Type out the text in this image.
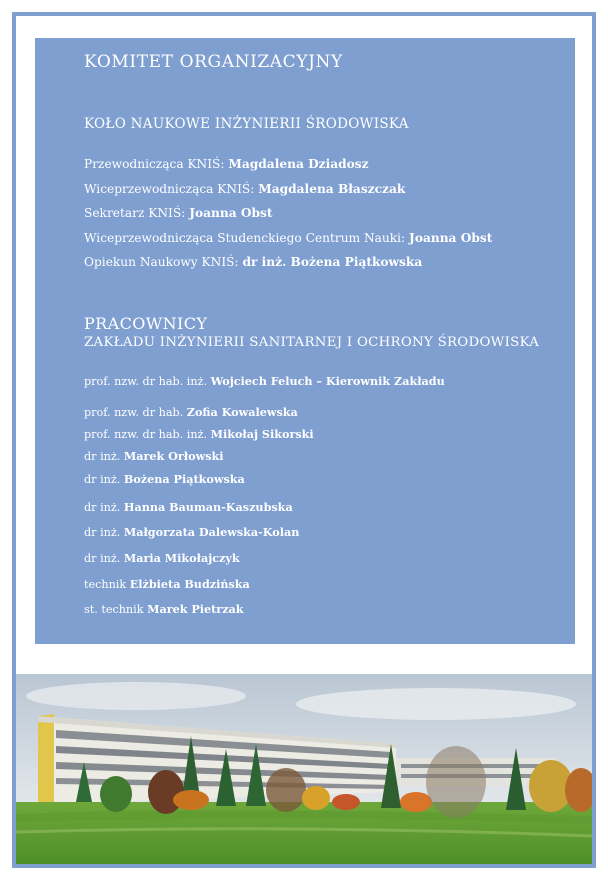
KOMITET ORGANIZACYJNY
KOŁO NAUKOWE INŻYNIERII ŚRODOWISKA
Przewodnicząca KNIŚ: Magdalena Dziadosz
Wiceprzewodnicząca KNIŚ: Magdalena Błaszczak
Sekretarz KNIŚ: Joanna Obst
Wiceprzewodnicząca Studenckiego Centrum Nauki: Joanna Obst
Opiekun Naukowy KNIŚ: dr inż. Bożena Piątkowska
PRACOWNICY
ZAKŁADU INŻYNIERII SANITARNEJ I OCHRONY ŚRODOWISKA
prof. nzw. dr hab. inż. Wojciech Feluch – Kierownik Zakładu
prof. nzw. dr hab. Zofia Kowalewska
prof. nzw. dr hab. inż. Mikołaj Sikorski
dr inż. Marek Orłowski
dr inż. Bożena Piątkowska
dr inż. Hanna Bauman-Kaszubska
dr inż. Małgorzata Dalewska-Kolan
dr inż. Maria Mikołajczyk
technik Elżbieta Budzińska
st. technik Marek Pietrzak
